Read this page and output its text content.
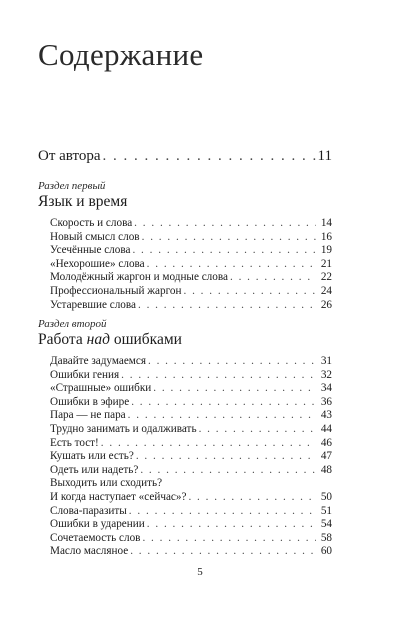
Содержание
От автора . . .	11
Раздел первый
Язык и время
Скорость и слова . . .	14
Новый смысл слов . . .	16
Усечённые слова . . .	19
«Нехорошие» слова . . .	21
Молодёжный жаргон и модные слова . . .	22
Профессиональный жаргон . . .	24
Устаревшие слова . . .	26
Раздел второй
Работа над ошибками
Давайте задумаемся . . .	31
Ошибки гения . . .	32
«Страшные» ошибки . . .	34
Ошибки в эфире . . .	36
Пара — не пара . . .	43
Трудно занимать и одалживать . . .	44
Есть тост! . . .	46
Кушать или есть? . . .	47
Одеть или надеть? . . .	48
Выходить или сходить?
И когда наступает «сейчас»? . . .	50
Слова-паразиты . . .	51
Ошибки в ударении . . .	54
Сочетаемость слов . . .	58
Масло масляное . . .	60
5
